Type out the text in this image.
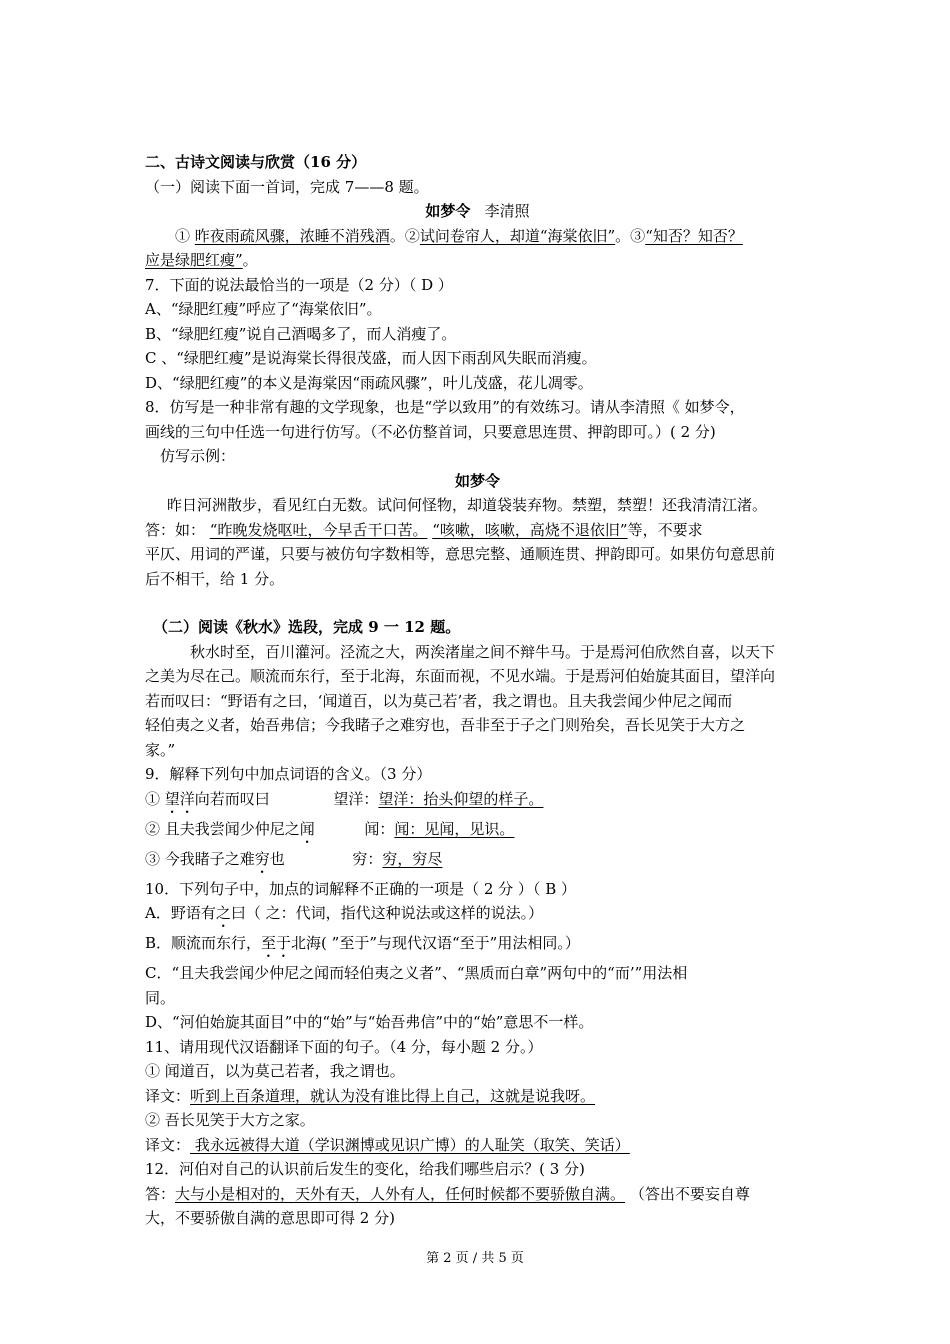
二、古诗文阅读与欣赏（16 分）
（一）阅读下面一首词，完成 7——8 题。
如梦令 李清照
① 昨夜雨疏风骤，浓睡不消残酒。②试问卷帘人，却道“海棠依旧”。③“知否？知否？
应是绿肥红瘦”。
7．下面的说法最恰当的一项是（2 分）（ D ）
A、“绿肥红瘦”呼应了“海棠依旧”。
B、“绿肥红瘦”说自己酒喝多了，而人消瘦了。
C 、“绿肥红瘦”是说海棠长得很茂盛，而人因下雨刮风失眠而消瘦。
D、“绿肥红瘦”的本义是海棠因“雨疏风骤”，叶儿茂盛，花儿凋零。
8．仿写是一种非常有趣的文学现象，也是“学以致用”的有效练习。请从李清照《 如梦令，
画线的三句中任选一句进行仿写。（不必仿整首词，只要意思连贯、押韵即可。）( 2 分)
仿写示例：
如梦令
昨日河洲散步，看见红白无数。试问何怪物，却道袋装弃物。禁塑，禁塑！还我清清江渚。
答：如： “昨晚发烧呕吐，今早舌干口苦。 “咳嗽，咳嗽，高烧不退依旧”等，不要求
平仄、用词的严谨，只要与被仿句字数相等，意思完整、通顺连贯、押韵即可。如果仿句意思前
后不相干，给 1 分。
（二）阅读《秋水》选段，完成 9 一 12 题。
秋水时至，百川灌河。泾流之大，两涘渚崖之间不辩牛马。于是焉河伯欣然自喜，以天下
之美为尽在己。顺流而东行，至于北海，东面而视，不见水端。于是焉河伯始旋其面目，望洋向
若而叹曰：“野语有之曰，‘闻道百，以为莫己若’者，我之谓也。且夫我尝闻少仲尼之闻而
轻伯夷之义者，始吾弗信；今我睹子之难穷也，吾非至于子之门则殆矣，吾长见笑于大方之
家。”
9．解释下列句中加点词语的含义。（3 分）
① 望洋向若而叹曰	望洋：望洋：抬头仰望的样子。
② 且夫我尝闻少仲尼之闻	闻：闻：见闻，见识。
③ 今我睹子之难穷也	穷：穷，穷尽
10．下列句子中，加点的词解释不正确的一项是（ 2 分 ）（ B ）
A．野语有之曰（ 之：代词，指代这种说法或这样的说法。）
B．顺流而东行，至于北海( ”至于”与现代汉语“至于”用法相同。）
C．“且夫我尝闻少仲尼之闻而轻伯夷之义者”、“黑质而白章”两句中的“而’”用法相
同。
D、“河伯始旋其面目”中的“始”与“始吾弗信”中的“始”意思不一样。
11、请用现代汉语翻译下面的句子。（4 分，每小题 2 分。）
① 闻道百，以为莫己若者，我之谓也。
译文：听到上百条道理，就认为没有谁比得上自己，这就是说我呀。
② 吾长见笑于大方之家。
译文： 我永远被得大道（学识渊博或见识广博）的人耻笑（取笑、笑话）
12．河伯对自己的认识前后发生的变化，给我们哪些启示？( 3 分)
答：大与小是相对的，天外有天，人外有人，任何时候都不要骄傲自满。 （答出不要妄自尊
大，不要骄傲自满的意思即可得 2 分)
第 2 页 / 共 5 页
